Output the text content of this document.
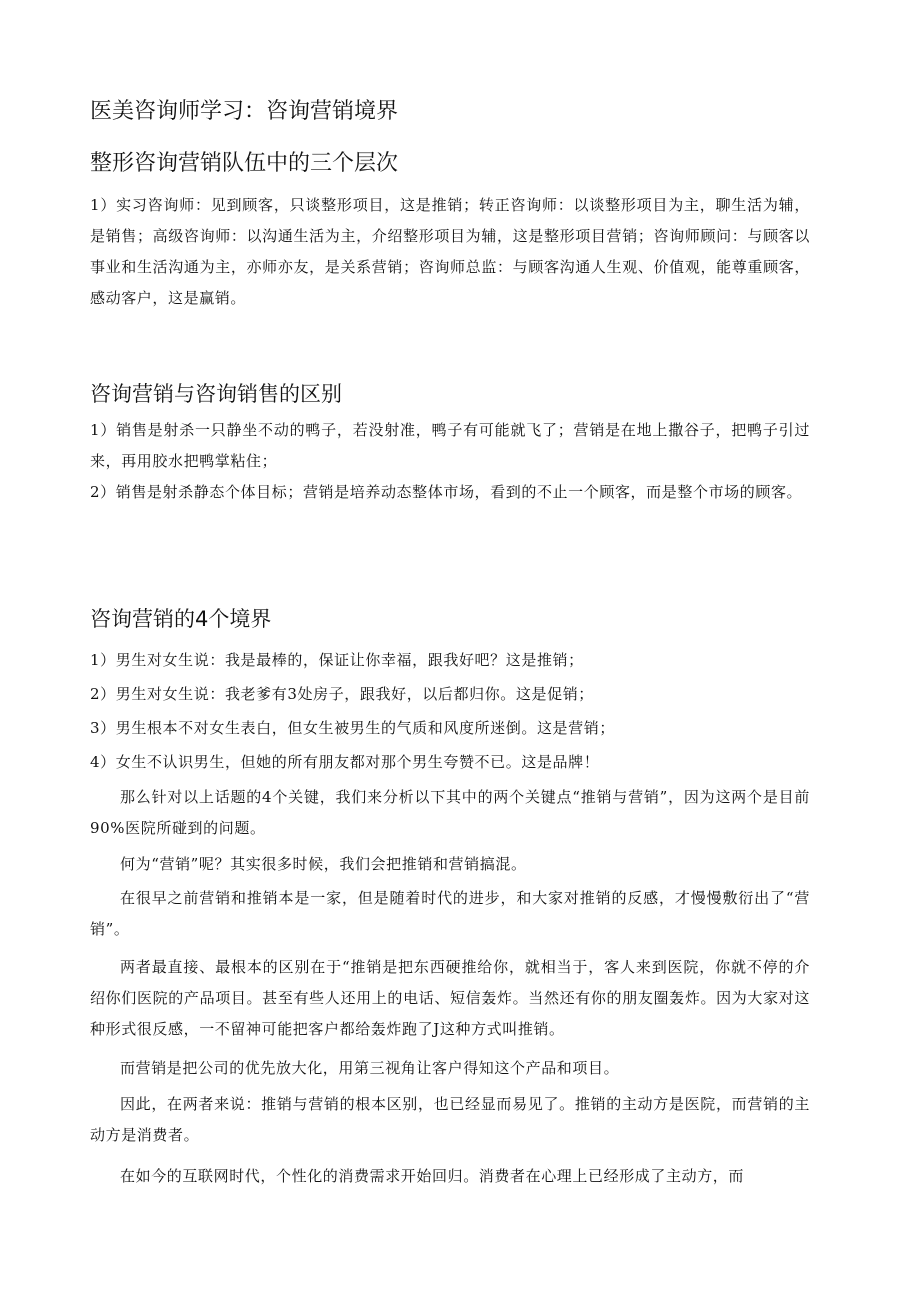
医美咨询师学习：咨询营销境界
整形咨询营销队伍中的三个层次

1）实习咨询师：见到顾客，只谈整形项目，这是推销；转正咨询师：以谈整形项目为主，聊生活为辅，是销售；高级咨询师：以沟通生活为主，介绍整形项目为辅，这是整形项目营销；咨询师顾问：与顾客以事业和生活沟通为主，亦师亦友，是关系营销；咨询师总监：与顾客沟通人生观、价值观，能尊重顾客，感动客户，这是赢销。

咨询营销与咨询销售的区别

1）销售是射杀一只静坐不动的鸭子，若没射准，鸭子有可能就飞了；营销是在地上撒谷子，把鸭子引过来，再用胶水把鸭掌粘住；

2）销售是射杀静态个体目标；营销是培养动态整体市场，看到的不止一个顾客，而是整个市场的顾客。

咨询营销的4个境界

1）男生对女生说：我是最棒的，保证让你幸福，跟我好吧？这是推销；

2）男生对女生说：我老爹有3处房子，跟我好，以后都归你。这是促销；

3）男生根本不对女生表白，但女生被男生的气质和风度所迷倒。这是营销；

4）女生不认识男生，但她的所有朋友都对那个男生夸赞不已。这是品牌！

那么针对以上话题的4个关键，我们来分析以下其中的两个关键点“推销与营销”，因为这两个是目前90%医院所碰到的问题。

何为“营销”呢？其实很多时候，我们会把推销和营销搞混。

在很早之前营销和推销本是一家，但是随着时代的进步，和大家对推销的反感，才慢慢敷衍出了“营销”。

两者最直接、最根本的区别在于“推销是把东西硬推给你，就相当于，客人来到医院，你就不停的介绍你们医院的产品项目。甚至有些人还用上的电话、短信轰炸。当然还有你的朋友圈轰炸。因为大家对这种形式很反感，一不留神可能把客户都给轰炸跑了J这种方式叫推销。

而营销是把公司的优先放大化，用第三视角让客户得知这个产品和项目。

因此，在两者来说：推销与营销的根本区别，也已经显而易见了。推销的主动方是医院，而营销的主动方是消费者。

在如今的互联网时代，个性化的消费需求开始回归。消费者在心理上已经形成了主动方，而
